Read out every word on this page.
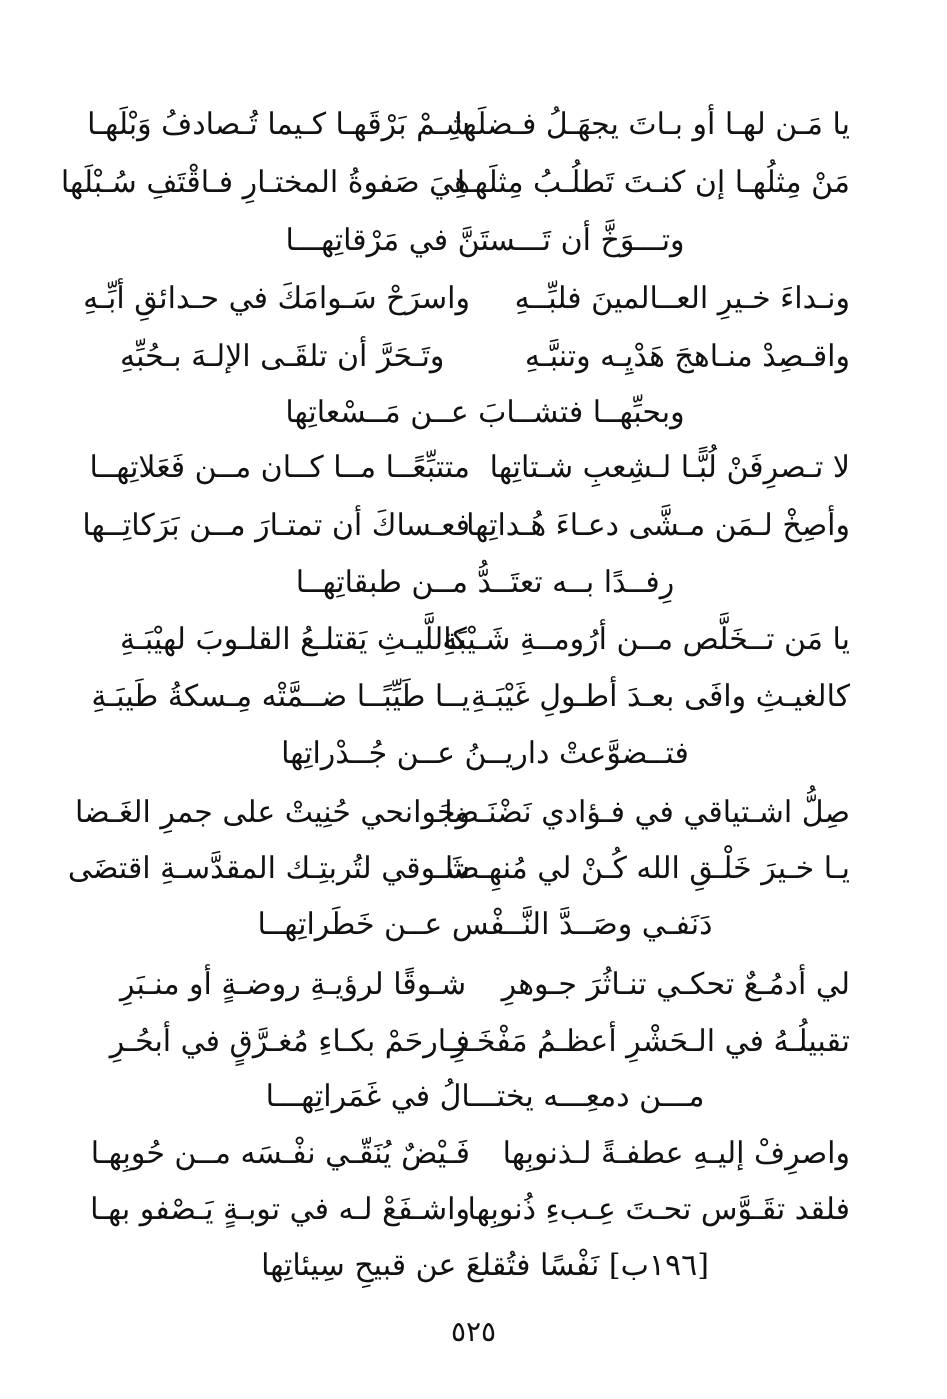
يا مَـن لهـا أو بـاتَ يجهَـلُ فـضلَها
شِـمْ بَرْقَهـا كـيما تُـصادفُ وَبْلَهـا
مَنْ مِثلُهـا إن كنـتَ تَطلُـبُ مِثلَهـا
هِيَ صَفوةُ المختـارِ فـاقْتَفِ سُـبْلَها
وتـــوَخَّ أن تَـــستَنَّ في مَرْقاتِهـــا
ونـداءَ خـيرِ العــالمينَ فلبِّــهِ
واسرَحْ سَـوامَكَ في حـدائقِ أبِّـهِ
واقـصِدْ منـاهجَ هَدْيِـه وتنبَّـهِ
وتَـحَرَّ أن تلقَـى الإلـهَ بـحُبِّهِ
وبحبِّهــا فتشــابَ عــن مَــسْعاتِها
لا تـصرِفَنْ لُبًّـا لـشِعبِ شـتاتِها
متتبِّعًــا مــا كــان مــن فَعَلاتِهــا
وأصِخْ لـمَن مـشَّى دعـاءَ هُـداتِها
فعـساكَ أن تمتـارَ مــن بَرَكاتِــها
رِفــدًا بــه تعتَــدُّ مــن طبقاتِهــا
يا مَن تــخَلَّص مــن أرُومــةِ شَـيْبَةِ
كاللَّيـثِ يَقتلـعُ القلـوبَ لهيْبَـةِ
كالغيـثِ وافَى بعـدَ أطـولِ غَيْبَـةِ
يــا طَيِّبًــا ضــمَّتْه مِـسكةُ طَيبَـةِ
فتــضوَّعتْ داريــنُ عــن جُــدْراتِها
صِلُّ اشـتياقي في فـؤادي نَضْنَـضا
وجَوانحي حُنِيتْ على جمرِ الغَـضا
يـا خـيرَ خَلْـقِ الله كُـنْ لي مُنهِـضا
شَـوقي لتُربتِـك المقدَّسـةِ اقتضَى
دَنَفـي وصَــدَّ النَّــفْس عــن خَطَراتِهــا
لي أدمُـعٌ تحكـي تنـاثُرَ جـوهرِ
شـوقًا لرؤيـةِ روضـةٍ أو منـبَرِ
تقبيلُـهُ في الـحَشْرِ أعظـمُ مَفْخَـرِ
فـارحَمْ بكـاءِ مُغـرَّقٍ في أبحُـرِ
مـــن دمعِـــه يختـــالُ في غَمَراتِهـــا
واصرِفْ إليـهِ عطفـةً لـذنوبِها
فَـيْضٌ يُنَقّـي نفْـسَه مــن حُوبِهـا
فلقد تقَـوَّس تحـتَ عِـبءِ ذُنوبِها
واشـفَعْ لـه في توبـةٍ يَـصْفو بهـا
[١٩٦ب] نَفْسًا فتُقلعَ عن قبيحِ سِيئاتِها
٥٢٥
